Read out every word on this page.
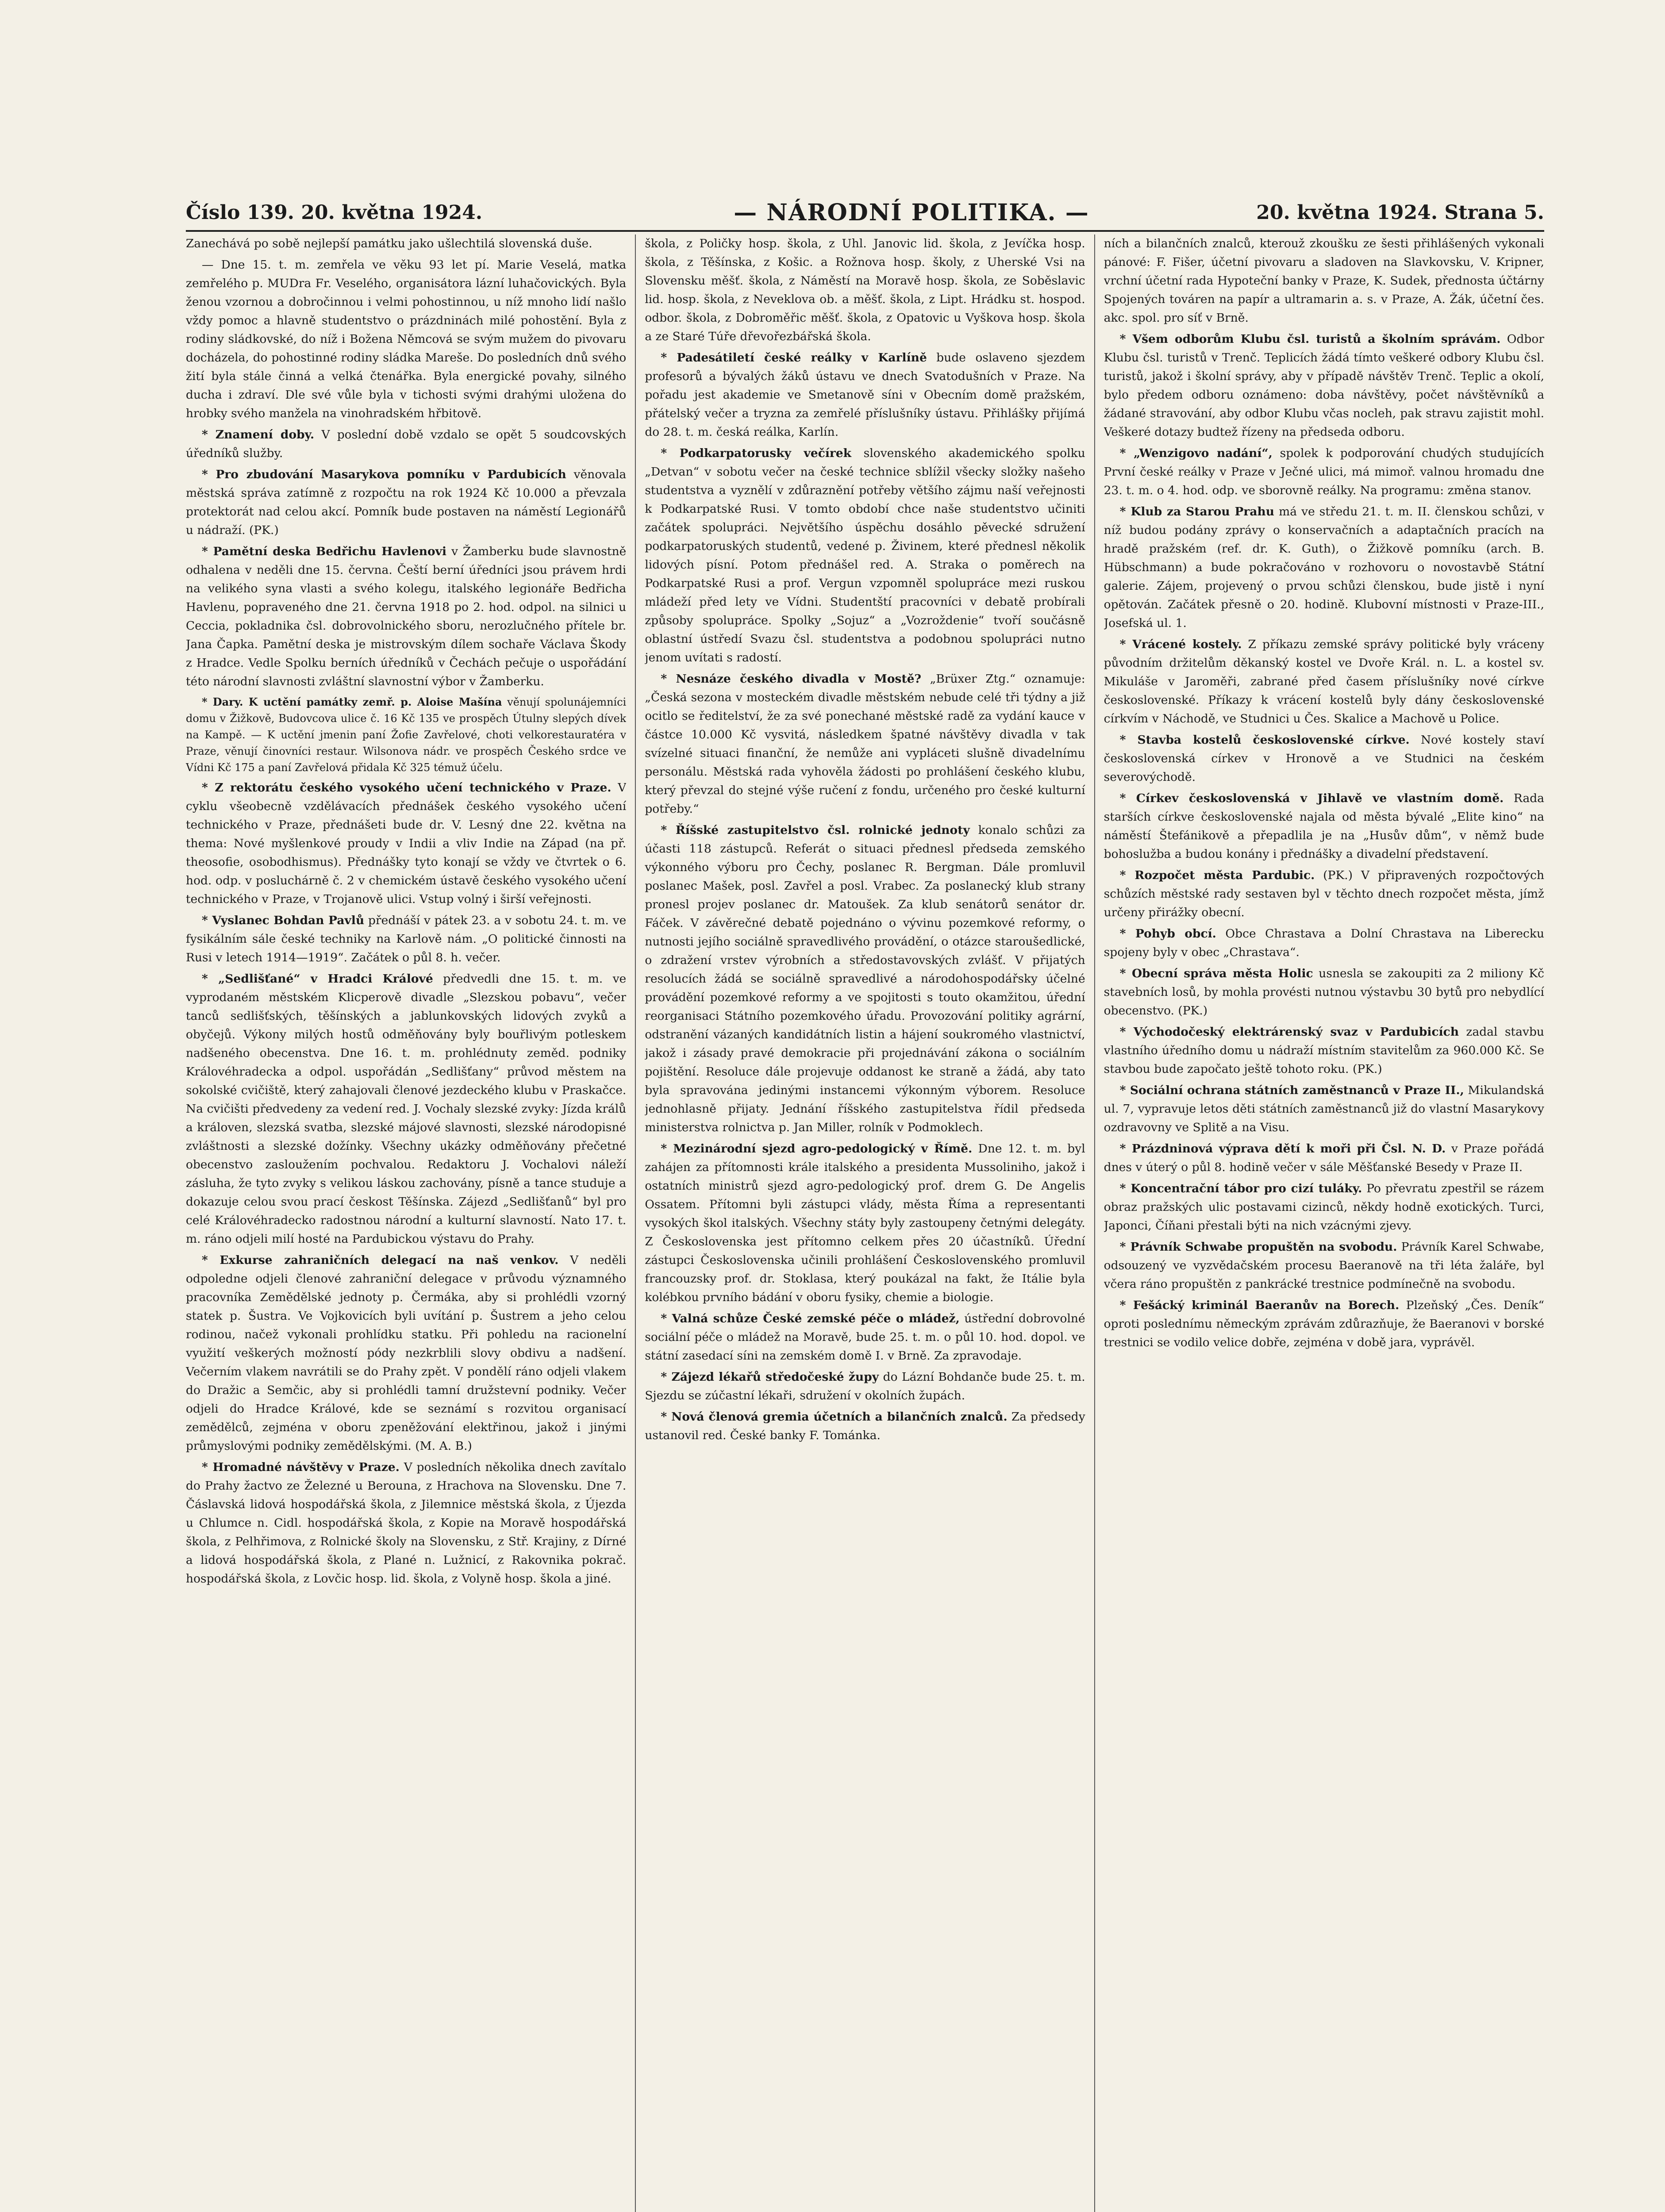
Číslo 139. 20. května 1924.	— NÁRODNÍ POLITIKA. —	20. května 1924. Strana 5.

Zanechává po sobě nejlepší památku jako ušlechtilá slovenská duše.

— Dne 15. t. m. zemřela ve věku 93 let pí. Marie Veselá, matka zemřelého p. MUDra Fr. Veselého, organisátora lázní luhačovických. Byla ženou vzornou a dobročinnou i velmi pohostinnou, u níž mnoho lidí našlo vždy pomoc a hlavně studentstvo o prázdninách milé pohostění. Byla z rodiny sládkovské, do níž i Božena Němcová se svým mužem do pivovaru docházela, do pohostinné rodiny sládka Mareše. Do posledních dnů svého žití byla stále činná a velká čtenářka. Byla energické povahy, silného ducha i zdraví. Dle své vůle byla v tichosti svými drahými uložena do hrobky svého manžela na vinohradském hřbitově.

* Znamení doby. V poslední době vzdalo se opět 5 soudcovských úředníků služby.

* Pro zbudování Masarykova pomníku v Pardubicích věnovala městská správa zatímně z rozpočtu na rok 1924 Kč 10.000 a převzala protektorát nad celou akcí. Pomník bude postaven na náměstí Legionářů u nádraží. (PK.)

* Pamětní deska Bedřichu Havlenovi v Žamberku bude slavnostně odhalena v neděli dne 15. června. Čeští berní úředníci jsou právem hrdi na velikého syna vlasti a svého kolegu, italského legionáře Bedřicha Havlenu, popraveného dne 21. června 1918 po 2. hod. odpol. na silnici u Ceccia, pokladnika čsl. dobrovolnického sboru, nerozlučného přítele br. Jana Čapka. Pamětní deska je mistrovským dílem sochaře Václava Škody z Hradce. Vedle Spolku berních úředníků v Čechách pečuje o uspořádání této národní slavnosti zvláštní slavnostní výbor v Žamberku.

* Dary. K uctění památky zemř. p. Aloise Mašína věnují spolunájemníci domu v Žižkově, Budovcova ulice č. 16 Kč 135 ve prospěch Útulny slepých dívek na Kampě. — K uctění jmenin paní Žofie Zavřelové, choti velkorestauratéra v Praze, věnují činovníci restaur. Wilsonova nádr. ve prospěch Českého srdce ve Vídni Kč 175 a paní Zavřelová přidala Kč 325 témuž účelu.

* Z rektorátu českého vysokého učení technického v Praze. V cyklu všeobecně vzdělávacích přednášek českého vysokého učení technického v Praze, přednášeti bude dr. V. Lesný dne 22. května na thema: Nové myšlenkové proudy v Indii a vliv Indie na Západ (na př. theosofie, osobodhismus). Přednášky tyto konají se vždy ve čtvrtek o 6. hod. odp. v posluchárně č. 2 v chemickém ústavě českého vysokého učení technického v Praze, v Trojanově ulici. Vstup volný i širší veřejnosti.

* Vyslanec Bohdan Pavlů přednáší v pátek 23. a v sobotu 24. t. m. ve fysikálním sále české techniky na Karlově nám. „O politické činnosti na Rusi v letech 1914—1919“. Začátek o půl 8. h. večer.

* „Sedlišťané“ v Hradci Králové předvedli dne 15. t. m. ve vyprodaném městském Klicperově divadle „Slezskou pobavu“, večer tanců sedlišťských, těšínských a jablunkovských lidových zvyků a obyčejů. Výkony milých hostů odměňovány byly bouřlivým potleskem nadšeného obecenstva. Dne 16. t. m. prohlédnuty zeměd. podniky Královéhradecka a odpol. uspořádán „Sedlišťany“ průvod městem na sokolské cvičiště, který zahajovali členové jezdeckého klubu v Praskačce. Na cvičišti předvedeny za vedení red. J. Vochaly slezské zvyky: Jízda králů a královen, slezská svatba, slezské májové slavnosti, slezské národopisné zvláštnosti a slezské dožínky. Všechny ukázky odměňovány přečetné obecenstvo zasloužením pochvalou. Redaktoru J. Vochalovi náleží zásluha, že tyto zvyky s velikou láskou zachovány, písně a tance studuje a dokazuje celou svou prací českost Těšínska. Zájezd „Sedlišťanů“ byl pro celé Královéhradecko radostnou národní a kulturní slavností. Nato 17. t. m. ráno odjeli milí hosté na Pardubickou výstavu do Prahy.

* Exkurse zahraničních delegací na naš venkov. V neděli odpoledne odjeli členové zahraniční delegace v průvodu významného pracovníka Zemědělské jednoty p. Čermáka, aby si prohlédli vzorný statek p. Šustra. Ve Vojkovicích byli uvítání p. Šustrem a jeho celou rodinou, načež vykonali prohlídku statku. Při pohledu na racionelní využití veškerých možností pódy nezkrblili slovy obdivu a nadšení. Večerním vlakem navrátili se do Prahy zpět. V pondělí ráno odjeli vlakem do Dražic a Semčic, aby si prohlédli tamní družstevní podniky. Večer odjeli do Hradce Králové, kde se seznámí s rozvitou organisací zemědělců, zejména v oboru zpeněžování elektřinou, jakož i jinými průmyslovými podniky zemědělskými. (M. A. B.)

* Hromadné návštěvy v Praze. V posledních několika dnech zavítalo do Prahy žactvo ze Železné u Berouna, z Hrachova na Slovensku. Dne 7. Čáslavská lidová hospodářská škola, z Jilemnice městská škola, z Újezda u Chlumce n. Cidl. hospodářská škola, z Kopie na Moravě hospodářská škola, z Pelhřimova, z Rolnické školy na Slovensku, z Stř. Krajiny, z Dírné a lidová hospodářská škola, z Plané n. Lužnicí, z Rakovnika pokrač. hospodářská škola, z Lovčic hosp. lid. škola, z Volyně hosp. škola a jiné.

škola, z Poličky hosp. škola, z Uhl. Janovic lid. škola, z Jevíčka hosp. škola, z Těšínska, z Košic. a Rožnova hosp. školy, z Uherské Vsi na Slovensku měšť. škola, z Náměstí na Moravě hosp. škola, ze Soběslavic lid. hosp. škola, z Neveklova ob. a měšť. škola, z Lipt. Hrádku st. hospod. odbor. škola, z Dobroměřic měšť. škola, z Opatovic u Vyškova hosp. škola a ze Staré Túře dřevořezbářská škola.

* Padesátiletí české reálky v Karlíně bude oslaveno sjezdem profesorů a bývalých žáků ústavu ve dnech Svatodušních v Praze. Na pořadu jest akademie ve Smetanově síni v Obecním domě pražském, přátelský večer a tryzna za zemřelé příslušníky ústavu. Přihlášky přijímá do 28. t. m. česká reálka, Karlín.

* Podkarpatorusky večírek slovenského akademického spolku „Detvan“ v sobotu večer na české technice sblížil všecky složky našeho studentstva a vyznělí v zdůraznění potřeby většího zájmu naší veřejnosti k Podkarpatské Rusi. V tomto období chce naše studentstvo učiniti začátek spolupráci. Největšího úspěchu dosáhlo pěvecké sdružení podkarpatoruských studentů, vedené p. Živinem, které přednesl několik lidových písní. Potom přednášel red. A. Straka o poměrech na Podkarpatské Rusi a prof. Vergun vzpomněl spolupráce mezi ruskou mládeží před lety ve Vídni. Studentští pracovníci v debatě probírali způsoby spolupráce. Spolky „Sojuz“ a „Vozroždenie“ tvoří součásně oblastní ústředí Svazu čsl. studentstva a podobnou spolupráci nutno jenom uvítati s radostí.

* Nesnáze českého divadla v Mostě? „Brüxer Ztg.“ oznamuje: „Česká sezona v mosteckém divadle městském nebude celé tři týdny a již ocitlo se ředitelství, že za své ponechané městské radě za vydání kauce v částce 10.000 Kč vysvitá, následkem špatné návštěvy divadla v tak svízelné situaci finanční, že nemůže ani vypláceti slušně divadelnímu personálu. Městská rada vyhověla žádosti po prohlášení českého klubu, který převzal do stejné výše ručení z fondu, určeného pro české kulturní potřeby.“

* Říšské zastupitelstvo čsl. rolnické jednoty konalo schůzi za účasti 118 zástupců. Referát o situaci přednesl předseda zemského výkonného výboru pro Čechy, poslanec R. Bergman. Dále promluvil poslanec Mašek, posl. Zavřel a posl. Vrabec. Za poslanecký klub strany pronesl projev poslanec dr. Matoušek. Za klub senátorů senátor dr. Fáček. V závěrečné debatě pojednáno o vývinu pozemkové reformy, o nutnosti jejího sociálně spravedlivého provádění, o otázce staroušedlické, o zdražení vrstev výrobních a středostavovských zvlášť. V přijatých resolucích žádá se sociálně spravedlivé a národohospodářsky účelné provádění pozemkové reformy a ve spojitosti s touto okamžitou, úřední reorganisaci Státního pozemkového úřadu. Provozování politiky agrární, odstranění vázaných kandidátních listin a hájení soukromého vlastnictví, jakož i zásady pravé demokracie při projednávání zákona o sociálním pojištění. Resoluce dále projevuje oddanost ke straně a žádá, aby tato byla spravována jedinými instancemi výkonným výborem. Resoluce jednohlasně přijaty. Jednání říšského zastupitelstva řídil předseda ministerstva rolnictva p. Jan Miller, rolník v Podmoklech.

* Mezinárodní sjezd agro-pedologický v Římě. Dne 12. t. m. byl zahájen za přítomnosti krále italského a presidenta Mussoliniho, jakož i ostatních ministrů sjezd agro-pedologický prof. drem G. De Angelis Ossatem. Přítomni byli zástupci vlády, města Říma a representanti vysokých škol italských. Všechny státy byly zastoupeny četnými delegáty. Z Československa jest přítomno celkem přes 20 účastníků. Úřední zástupci Československa učinili prohlášení Československého promluvil francouzsky prof. dr. Stoklasa, který poukázal na fakt, že Itálie byla kolébkou prvního bádání v oboru fysiky, chemie a biologie.

* Valná schůze České zemské péče o mládež, ústřední dobrovolné sociální péče o mládež na Moravě, bude 25. t. m. o půl 10. hod. dopol. ve státní zasedací síni na zemském domě I. v Brně. Za zpravodaje.

* Zájezd lékařů středočeské župy do Lázní Bohdanče bude 25. t. m. Sjezdu se zúčastní lékaři, sdružení v okolních župách.

* Nová členová gremia účetních a bilančních znalců. Za předsedy ustanovil red. České banky F. Tománka.

ních a bilančních znalců, kterouž zkoušku ze šesti přihlášených vykonali pánové: F. Fišer, účetní pivovaru a sladoven na Slavkovsku, V. Kripner, vrchní účetní rada Hypoteční banky v Praze, K. Sudek, přednosta účtárny Spojených továren na papír a ultramarin a. s. v Praze, A. Žák, účetní čes. akc. spol. pro síť v Brně.

* Všem odborům Klubu čsl. turistů a školním správám. Odbor Klubu čsl. turistů v Trenč. Teplicích žádá tímto veškeré odbory Klubu čsl. turistů, jakož i školní správy, aby v případě návštěv Trenč. Teplic a okolí, bylo předem odboru oznámeno: doba návštěvy, počet návštěvníků a žádané stravování, aby odbor Klubu včas nocleh, pak stravu zajistit mohl. Veškeré dotazy budtež řízeny na předseda odboru.

* „Wenzigovo nadání“, spolek k podporování chudých studujících První české reálky v Praze v Ječné ulici, má mimoř. valnou hromadu dne 23. t. m. o 4. hod. odp. ve sborovně reálky. Na programu: změna stanov.

* Klub za Starou Prahu má ve středu 21. t. m. II. členskou schůzi, v níž budou podány zprávy o konservačních a adaptačních pracích na hradě pražském (ref. dr. K. Guth), o Žižkově pomníku (arch. B. Hübschmann) a bude pokračováno v rozhovoru o novostavbě Státní galerie. Zájem, projevený o prvou schůzi členskou, bude jistě i nyní opětován. Začátek přesně o 20. hodině. Klubovní místnosti v Praze-III., Josefská ul. 1.

* Vrácené kostely. Z příkazu zemské správy politické byly vráceny původním držitelům děkanský kostel ve Dvoře Král. n. L. a kostel sv. Mikuláše v Jaroměři, zabrané před časem příslušníky nové církve československé. Příkazy k vrácení kostelů byly dány československé církvím v Náchodě, ve Studnici u Čes. Skalice a Machově u Police.

* Stavba kostelů československé církve. Nové kostely staví československá církev v Hronově a ve Studnici na českém severovýchodě.

* Církev československá v Jihlavě ve vlastním domě. Rada starších církve československé najala od města bývalé „Elite kino“ na náměstí Štefánikově a přepadlila je na „Husův dům“, v němž bude bohoslužba a budou konány i přednášky a divadelní představení.

* Rozpočet města Pardubic. (PK.) V připravených rozpočtových schůzích městské rady sestaven byl v těchto dnech rozpočet města, jímž určeny přirážky obecní.

* Pohyb obcí. Obce Chrastava a Dolní Chrastava na Liberecku spojeny byly v obec „Chrastava“.

* Obecní správa města Holic usnesla se zakoupiti za 2 miliony Kč stavebních losů, by mohla provésti nutnou výstavbu 30 bytů pro nebydlící obecenstvo. (PK.)

* Východočeský elektrárenský svaz v Pardubicích zadal stavbu vlastního úředního domu u nádraží místním stavitelům za 960.000 Kč. Se stavbou bude započato ještě tohoto roku. (PK.)

* Sociální ochrana státních zaměstnanců v Praze II., Mikulandská ul. 7, vypravuje letos děti státních zaměstnanců již do vlastní Masarykovy ozdravovny ve Splitě a na Visu.

* Prázdninová výprava dětí k moři při Čsl. N. D. v Praze pořádá dnes v úterý o půl 8. hodině večer v sále Měšťanské Besedy v Praze II.

* Koncentrační tábor pro cizí tuláky. Po převratu zpestřil se rázem obraz pražských ulic postavami cizinců, někdy hodně exotických. Turci, Japonci, Číňani přestali býti na nich vzácnými zjevy.

* Právník Schwabe propuštěn na svobodu. Právník Karel Schwabe, odsouzený ve vyzvědačském procesu Baeranově na tři léta žaláře, byl včera ráno propuštěn z pankrácké trestnice podmínečně na svobodu.

* Fešácký kriminál Baeranův na Borech. Plzeňský „Čes. Deník“ oproti poslednímu německým zprávám zdůrazňuje, že Baeranovi v borské trestnici se vodilo velice dobře, zejména v době jara, vyprávěl.
